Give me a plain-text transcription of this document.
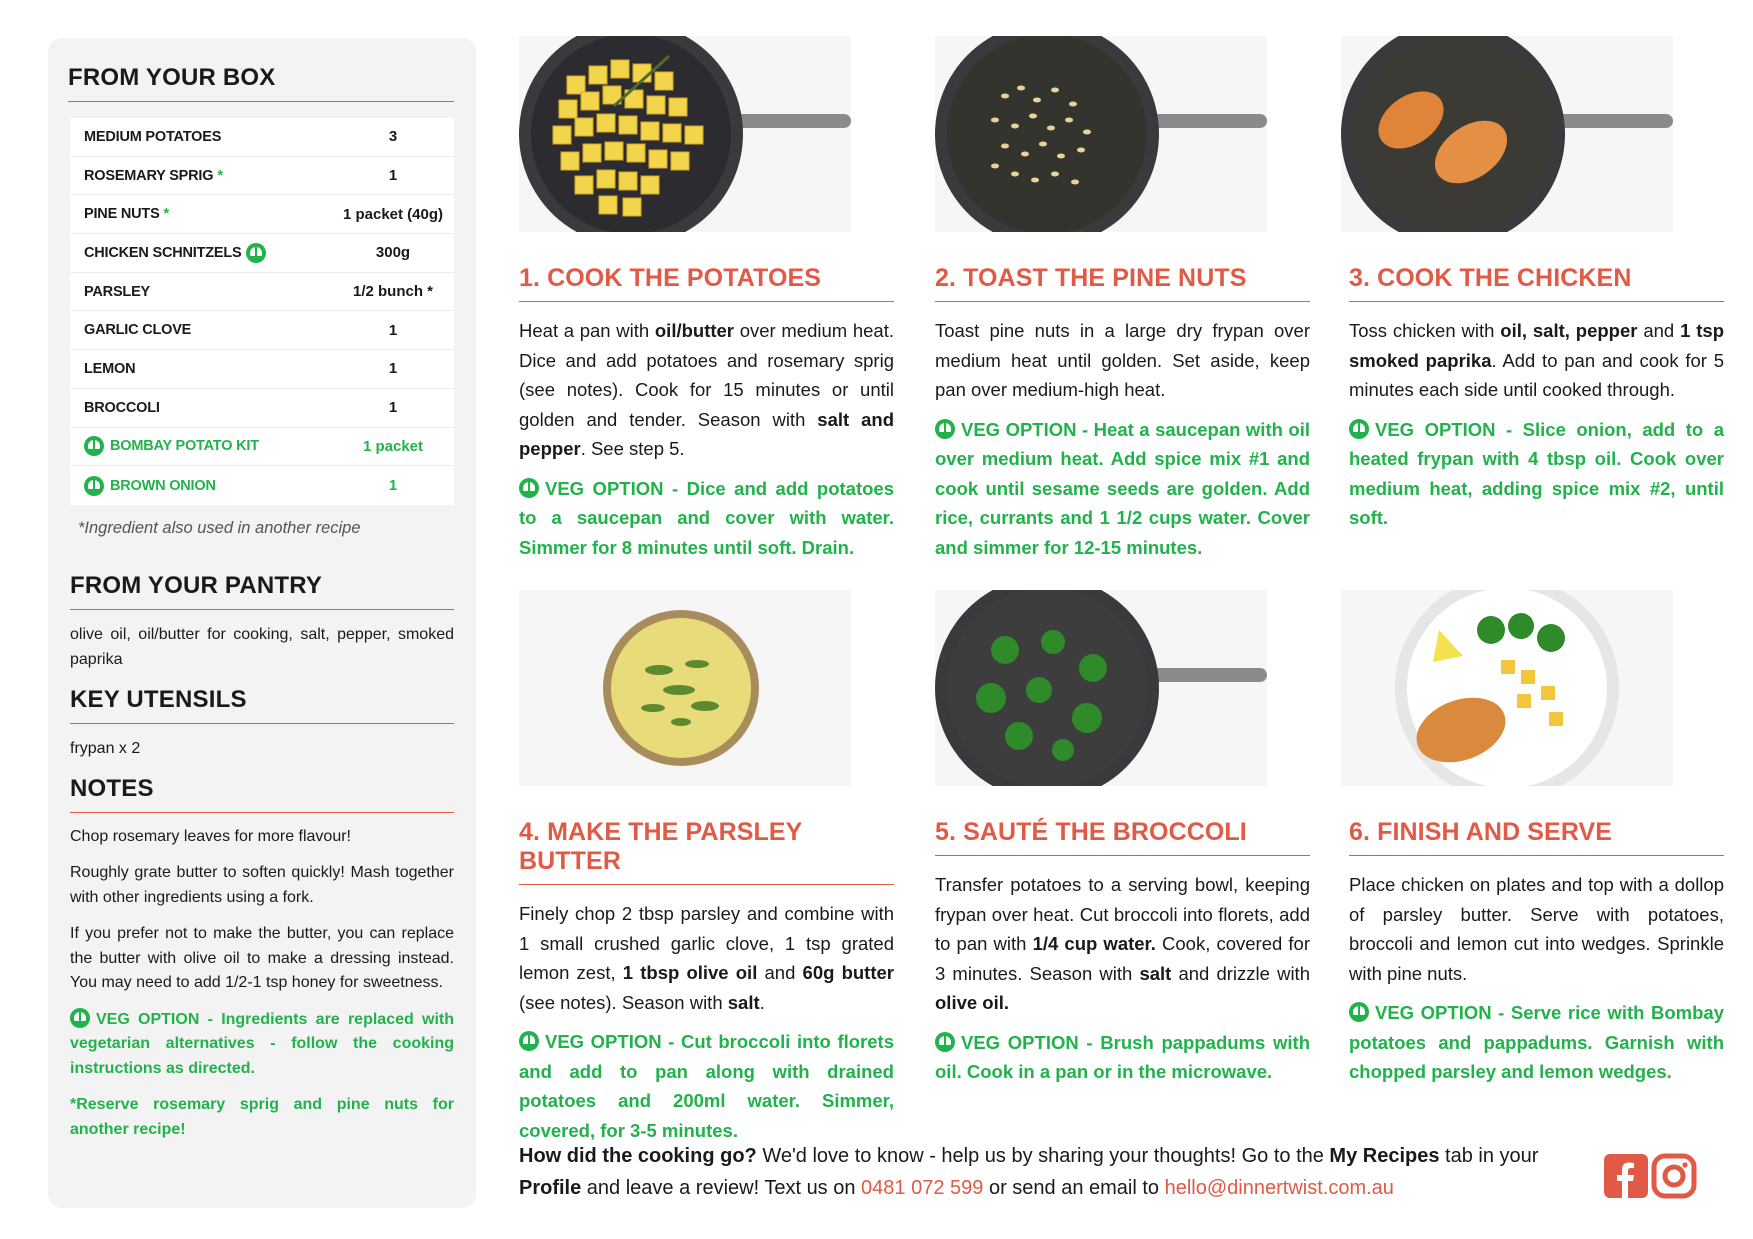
FROM YOUR BOX
MEDIUM POTATOES	3
ROSEMARY SPRIG *	1
PINE NUTS *	1 packet (40g)
CHICKEN SCHNITZELS	300g
PARSLEY	1/2 bunch *
GARLIC CLOVE	1
LEMON	1
BROCCOLI	1
BOMBAY POTATO KIT	1 packet
BROWN ONION	1
*Ingredient also used in another recipe
FROM YOUR PANTRY
olive oil, oil/butter for cooking, salt, pepper, smoked paprika
KEY UTENSILS
frypan x 2
NOTES
Chop rosemary leaves for more flavour!
Roughly grate butter to soften quickly! Mash together with other ingredients using a fork.
If you prefer not to make the butter, you can replace the butter with olive oil to make a dressing instead. You may need to add 1/2-1 tsp honey for sweetness.
VEG OPTION - Ingredients are replaced with vegetarian alternatives - follow the cooking instructions as directed.
*Reserve rosemary sprig and pine nuts for another recipe!
1. COOK THE POTATOES
Heat a pan with oil/butter over medium heat. Dice and add potatoes and rosemary sprig (see notes). Cook for 15 minutes or until golden and tender. Season with salt and pepper. See step 5.
VEG OPTION - Dice and add potatoes to a saucepan and cover with water. Simmer for 8 minutes until soft. Drain.
2. TOAST THE PINE NUTS
Toast pine nuts in a large dry frypan over medium heat until golden. Set aside, keep pan over medium-high heat.
VEG OPTION - Heat a saucepan with oil over medium heat. Add spice mix #1 and cook until sesame seeds are golden. Add rice, currants and 1 1/2 cups water. Cover and simmer for 12-15 minutes.
3. COOK THE CHICKEN
Toss chicken with oil, salt, pepper and 1 tsp smoked paprika. Add to pan and cook for 5 minutes each side until cooked through.
VEG OPTION - Slice onion, add to a heated frypan with 4 tbsp oil. Cook over medium heat, adding spice mix #2, until soft.
4. MAKE THE PARSLEY BUTTER
Finely chop 2 tbsp parsley and combine with 1 small crushed garlic clove, 1 tsp grated lemon zest, 1 tbsp olive oil and 60g butter (see notes). Season with salt.
VEG OPTION - Cut broccoli into florets and add to pan along with drained potatoes and 200ml water. Simmer, covered, for 3-5 minutes.
5. SAUTÉ THE BROCCOLI
Transfer potatoes to a serving bowl, keeping frypan over heat. Cut broccoli into florets, add to pan with 1/4 cup water. Cook, covered for 3 minutes. Season with salt and drizzle with olive oil.
VEG OPTION - Brush pappadums with oil. Cook in a pan or in the microwave.
6. FINISH AND SERVE
Place chicken on plates and top with a dollop of parsley butter. Serve with potatoes, broccoli and lemon cut into wedges. Sprinkle with pine nuts.
VEG OPTION - Serve rice with Bombay potatoes and pappadums. Garnish with chopped parsley and lemon wedges.
How did the cooking go? We'd love to know - help us by sharing your thoughts! Go to the My Recipes tab in your Profile and leave a review! Text us on 0481 072 599 or send an email to hello@dinnertwist.com.au
